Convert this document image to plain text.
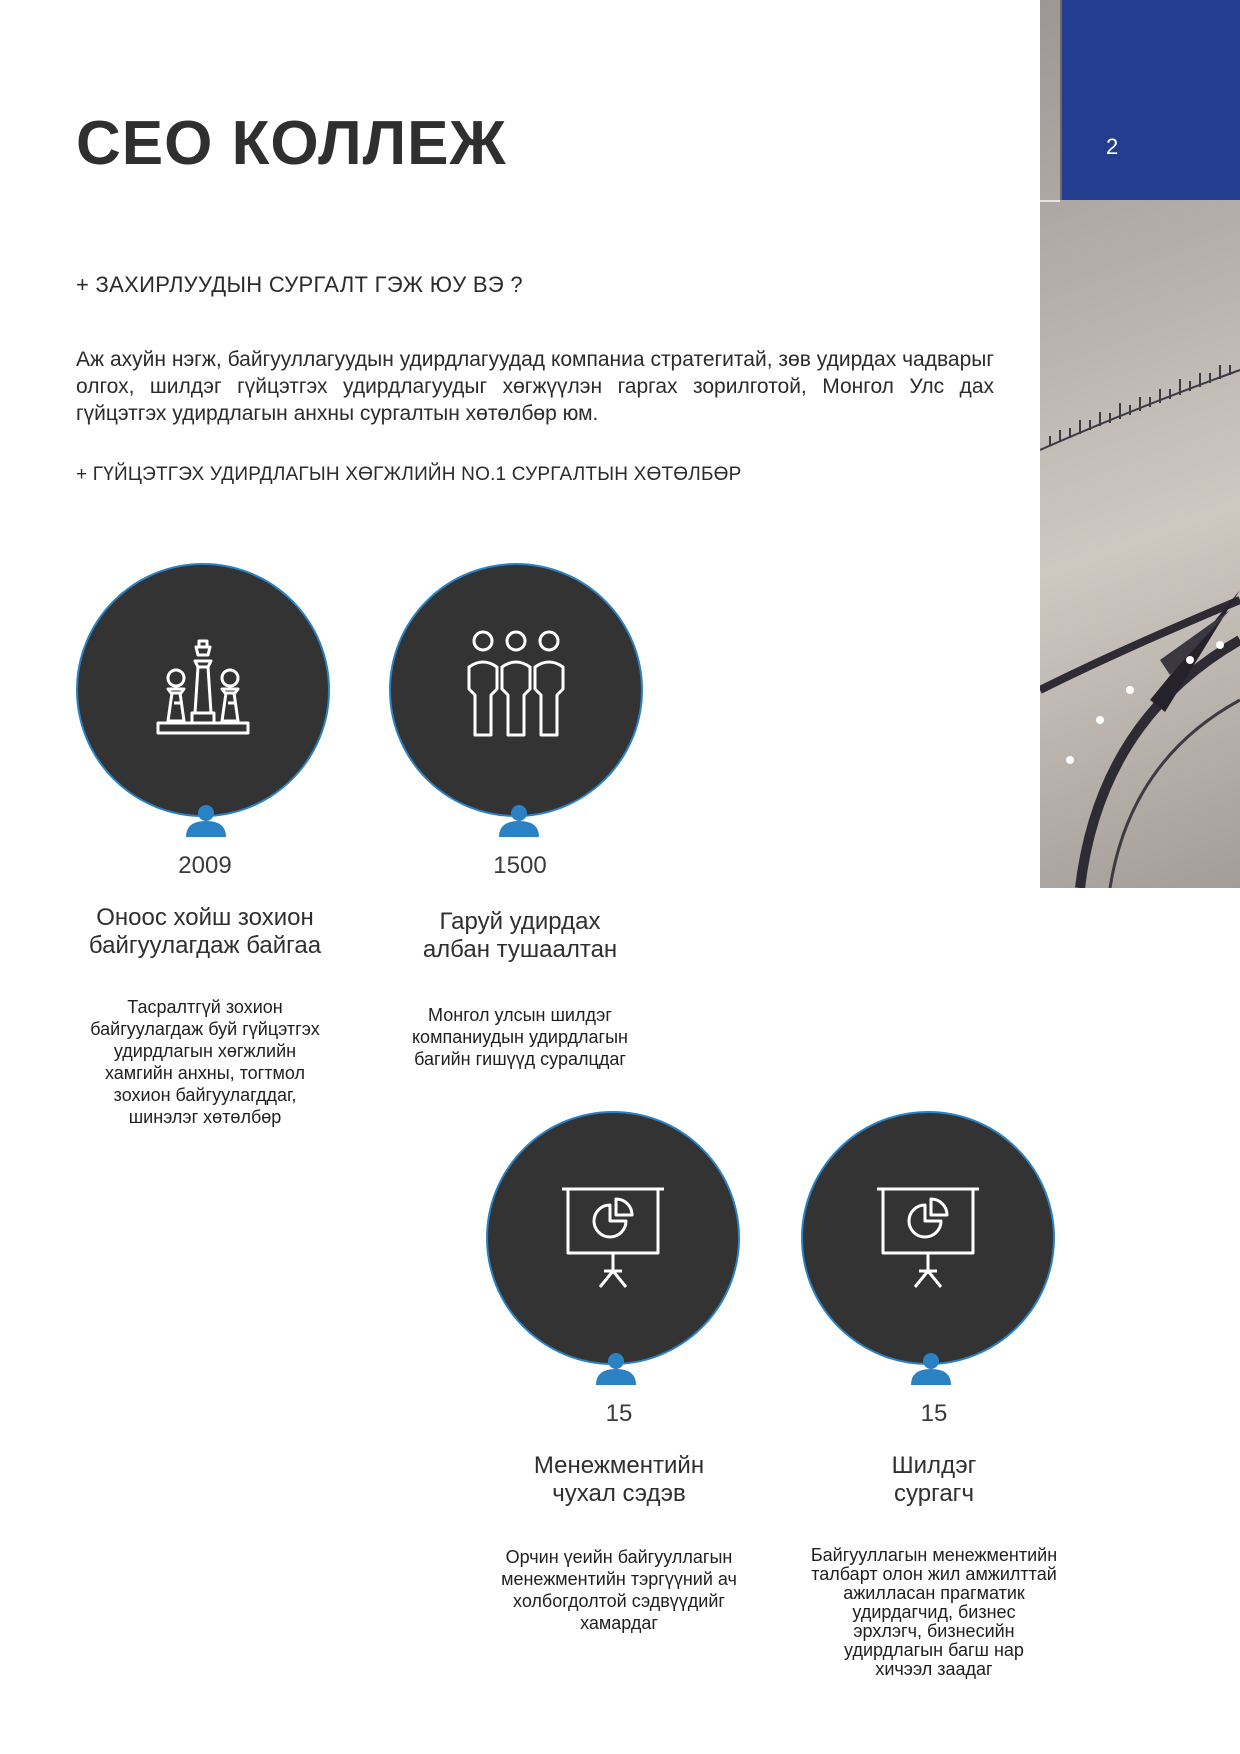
CEO КОЛЛЕЖ	2
+ ЗАХИРЛУУДЫН СУРГАЛТ ГЭЖ ЮУ ВЭ ?

Аж ахуйн нэгж, байгууллагуудын удирдлагуудад компаниа стратегитай, зөв удирдах чадварыг олгох, шилдэг гүйцэтгэх удирдлагуудыг хөгжүүлэн гаргах зорилготой, Монгол Улс дах гүйцэтгэх удирдлагын анхны сургалтын хөтөлбөр юм.

+ ГҮЙЦЭТГЭХ УДИРДЛАГЫН ХӨГЖЛИЙН NO.1 СУРГАЛТЫН ХӨТӨЛБӨР
2009
Оноос хойш зохион
байгуулагдаж байгаа
Тасралтгүй зохион
байгуулагдаж буй гүйцэтгэх
удирдлагын хөгжлийн
хамгийн анхны, тогтмол
зохион байгуулагддаг,
шинэлэг хөтөлбөр
1500
Гаруй удирдах
албан тушаалтан
Монгол улсын шилдэг
компаниудын удирдлагын
багийн гишүүд суралцдаг
15
Менежментийн
чухал сэдэв
Орчин үеийн байгууллагын
менежментийн тэргүүний ач
холбогдолтой сэдвүүдийг
хамардаг
15
Шилдэг
сургагч
Байгууллагын менежментийн
талбарт олон жил амжилттай
ажилласан прагматик
удирдагчид, бизнес
эрхлэгч, бизнесийн
удирдлагын багш нар
хичээл заадаг
